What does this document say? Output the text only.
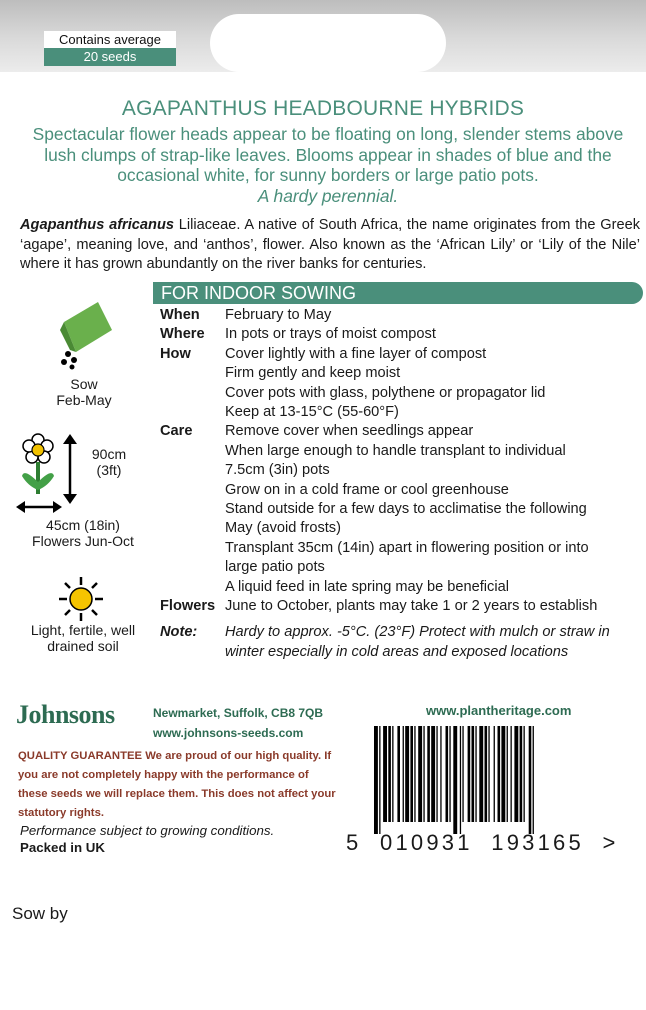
Contains average
20 seeds
AGAPANTHUS HEADBOURNE HYBRIDS
Spectacular flower heads appear to be floating on long, slender stems above lush clumps of strap-like leaves. Blooms appear in shades of blue and the occasional white, for sunny borders or large patio pots.
A hardy perennial.
Agapanthus africanus Liliaceae. A native of South Africa, the name originates from the Greek ‘agape’, meaning love, and ‘anthos’, flower. Also known as the ‘African Lily’ or ‘Lily of the Nile’ where it has grown abundantly on the river banks for centuries.
Sow
Feb-May
90cm
(3ft)
45cm (18in)
Flowers Jun-Oct
Light, fertile, well drained soil
FOR INDOOR SOWING
When	February to May
Where	In pots or trays of moist compost
How	Cover lightly with a fine layer of compost
Firm gently and keep moist
Cover pots with glass, polythene or propagator lid
Keep at 13-15°C (55-60°F)
Care	Remove cover when seedlings appear
When large enough to handle transplant to individual
7.5cm (3in) pots
Grow on in a cold frame or cool greenhouse
Stand outside for a few days to acclimatise the following
May (avoid frosts)
Transplant 35cm (14in) apart in flowering position or into
large patio pots
A liquid feed in late spring may be beneficial
Flowers June to October, plants may take 1 or 2 years to establish
Note:	Hardy to approx. -5°C. (23°F) Protect with mulch or straw in winter especially in cold areas and exposed locations
Johnsons	Newmarket, Suffolk, CB8 7QB
www.johnsons-seeds.com
QUALITY GUARANTEE We are proud of our high quality. If you are not completely happy with the performance of these seeds we will replace them. This does not affect your statutory rights.
Performance subject to growing conditions.
Packed in UK
www.plantheritage.com
5  010931  193165  >
Sow by
